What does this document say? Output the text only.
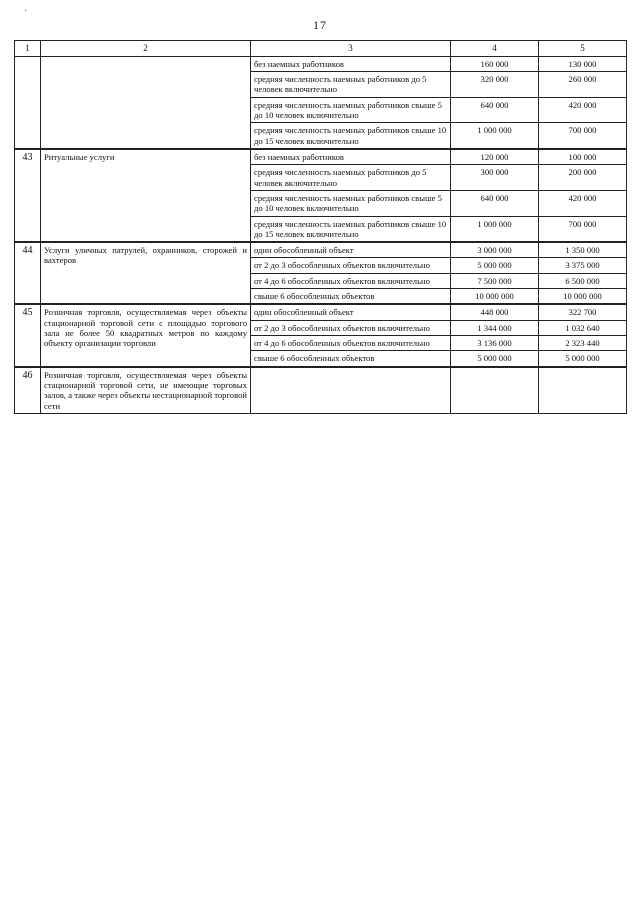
17
·
1	2	3	4	5
		без наемных работников	160 000	130 000
		средняя численность наемных работников до 5 человек включительно	320 000	260 000
		средняя численность наемных работников свыше 5 до 10 человек включительно	640 000	420 000
		средняя численность наемных работников свыше 10 до 15 человек включительно	1 000 000	700 000
43	Ритуальные услуги	без наемных работников	120 000	100 000
		средняя численность наемных работников до 5 человек включительно	300 000	200 000
		средняя численность наемных работников свыше 5 до 10 человек включительно	640 000	420 000
		средняя численность наемных работников свыше 10 до 15 человек включительно	1 000 000	700 000
44	Услуги уличных патрулей, охранников, сторожей и вахтеров	один обособленный объект	3 000 000	1 350 000
		от 2 до 3 обособленных объектов включительно	5 000 000	3 375 000
		от 4 до 6 обособленных объектов включительно	7 500 000	6 500 000
		свыше 6 обособленных объектов	10 000 000	10 000 000
45	Розничная торговля, осуществляемая через объекты стационарной торговой сети с площадью торгового зала не более 50 квадратных метров по каждому объекту организации торговли	один обособленный объект	448 000	322 700
		от 2 до 3 обособленных объектов включительно	1 344 000	1 032 640
		от 4 до 6 обособленных объектов включительно	3 136 000	2 323 440
		свыше 6 обособленных объектов	5 000 000	5 000 000
46	Розничная торговля, осуществляемая через объекты стационарной торговой сети, не имеющие торговых залов, а также через объекты нестационарной торговой сети			
